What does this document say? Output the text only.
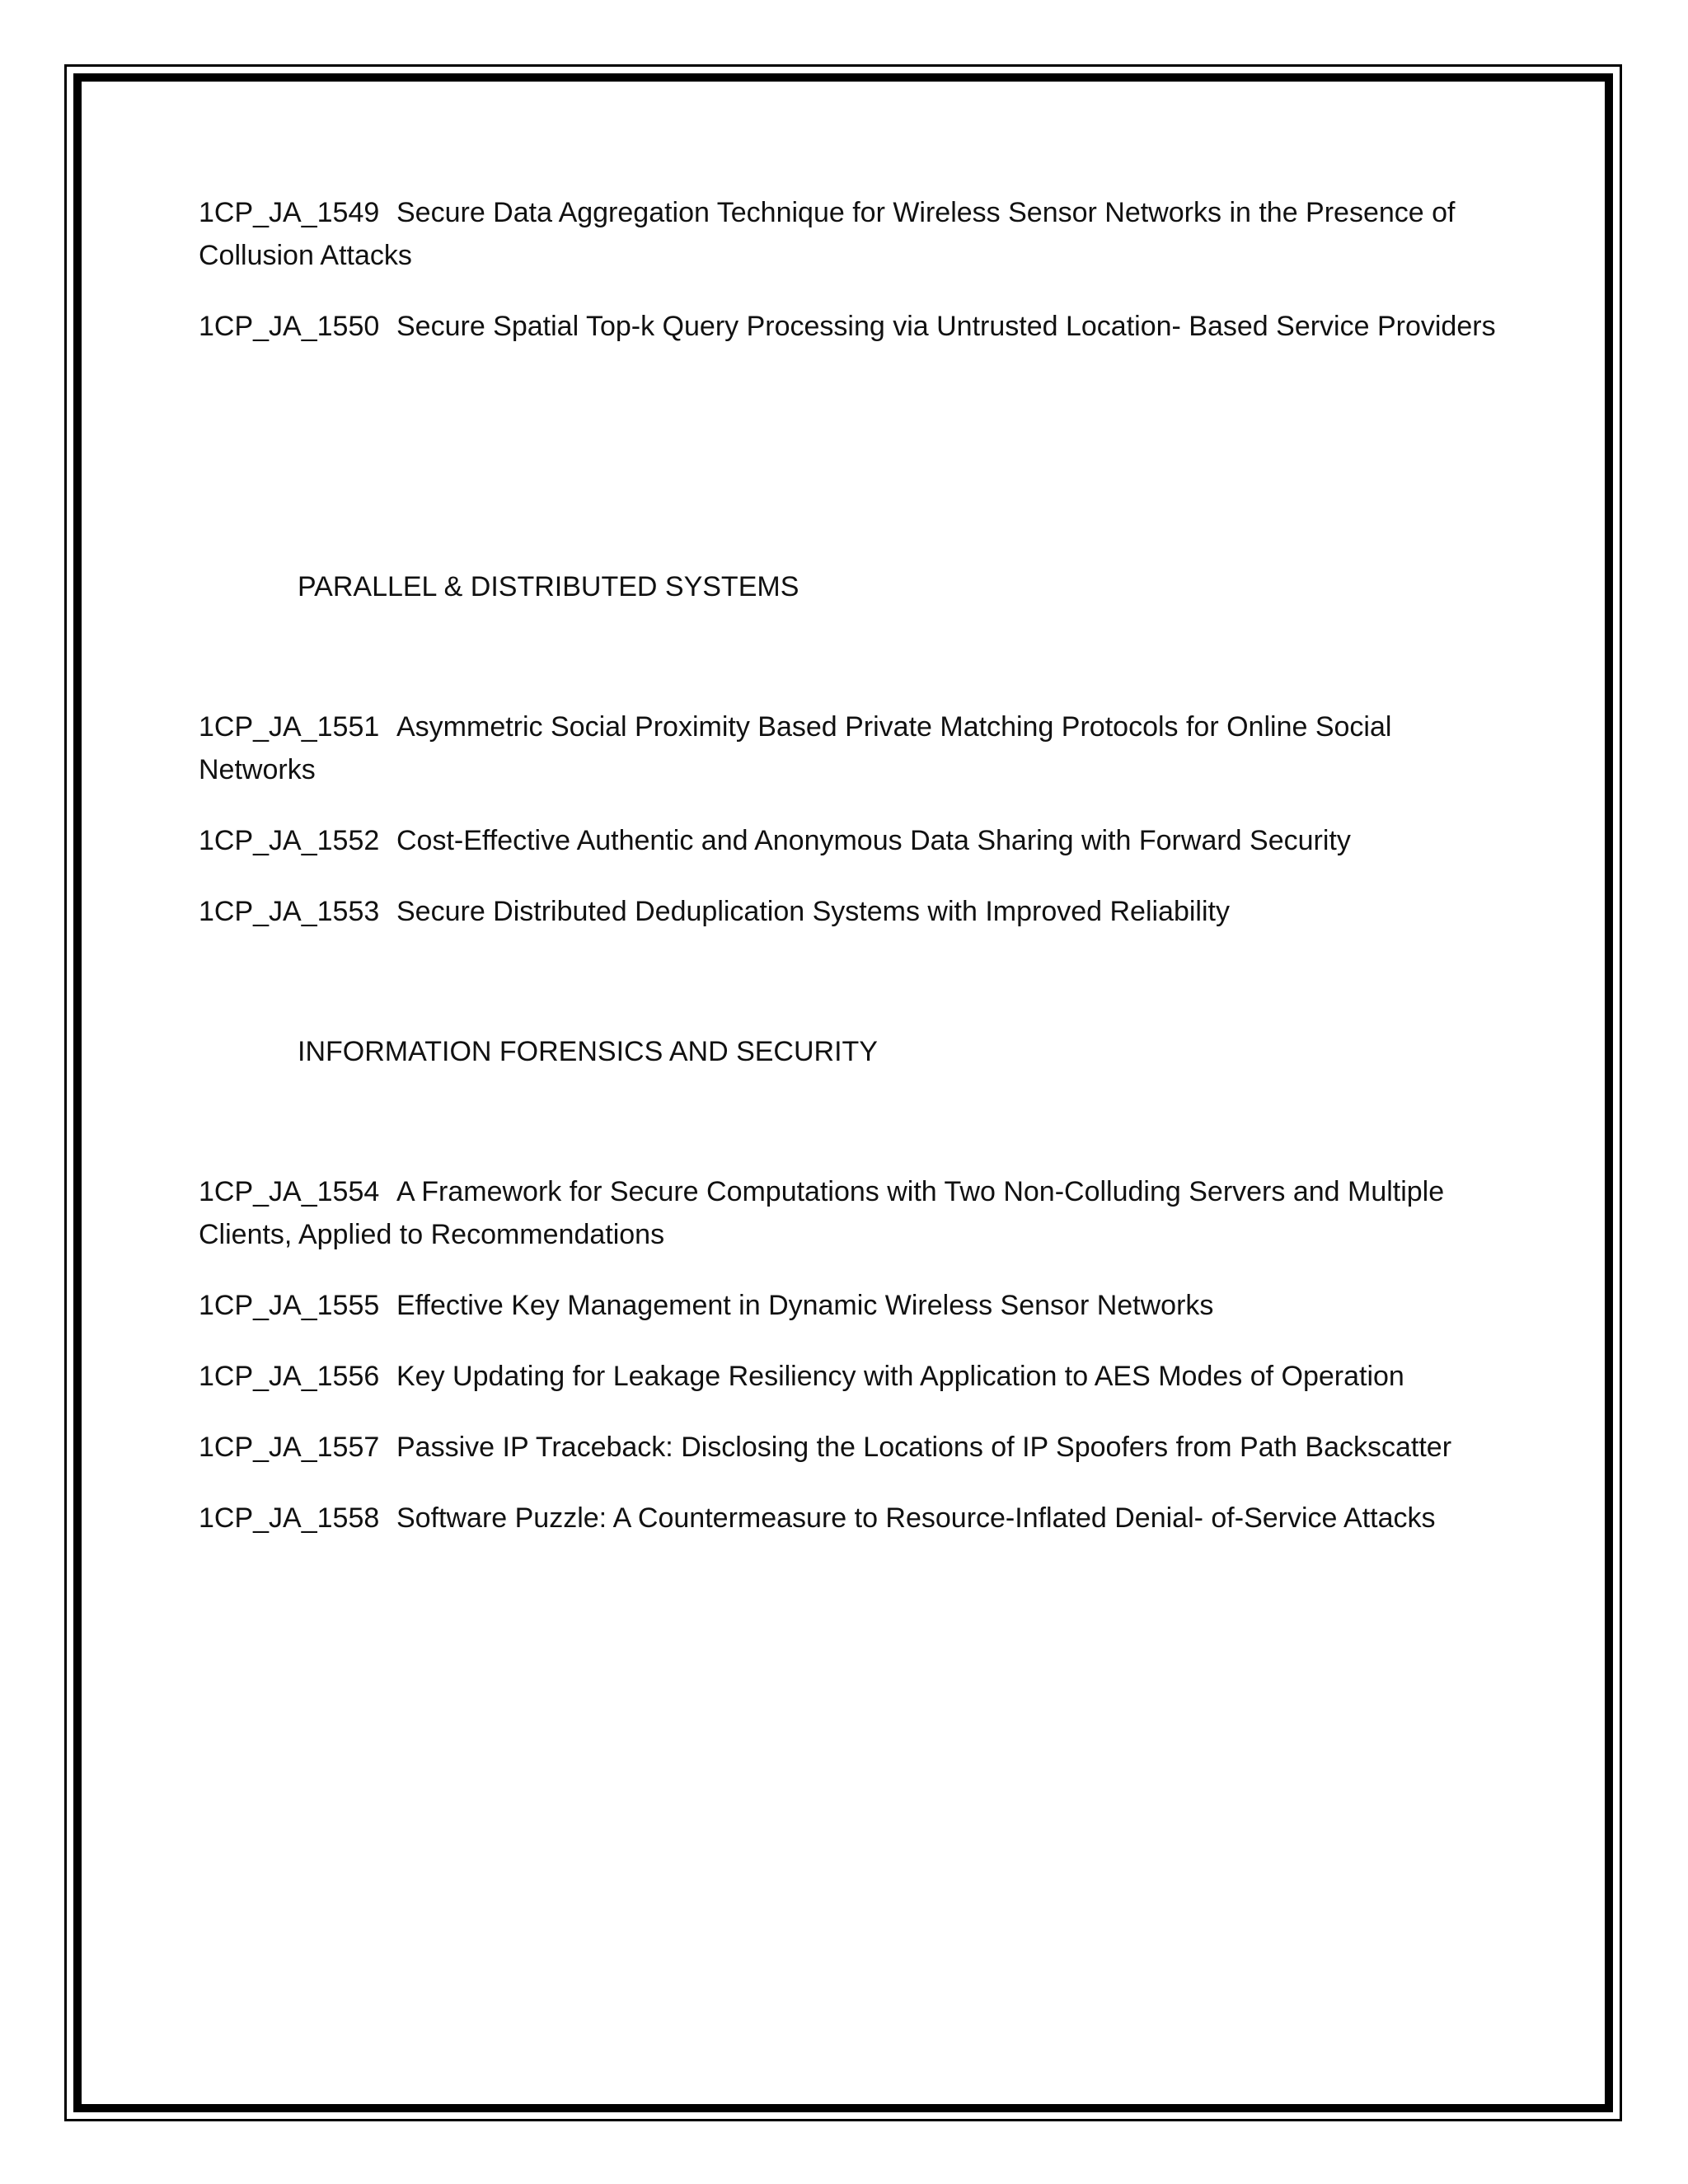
1CP_JA_1549 Secure Data Aggregation Technique for Wireless Sensor Networks in the Presence of Collusion Attacks

1CP_JA_1550 Secure Spatial Top-k Query Processing via Untrusted Location- Based Service Providers

PARALLEL & DISTRIBUTED SYSTEMS

1CP_JA_1551 Asymmetric Social Proximity Based Private Matching Protocols for Online Social Networks

1CP_JA_1552 Cost-Effective Authentic and Anonymous Data Sharing with Forward Security

1CP_JA_1553 Secure Distributed Deduplication Systems with Improved Reliability

INFORMATION FORENSICS AND SECURITY

1CP_JA_1554 A Framework for Secure Computations with Two Non-Colluding Servers and Multiple Clients, Applied to Recommendations

1CP_JA_1555 Effective Key Management in Dynamic Wireless Sensor Networks

1CP_JA_1556 Key Updating for Leakage Resiliency with Application to AES Modes of Operation

1CP_JA_1557 Passive IP Traceback: Disclosing the Locations of IP Spoofers from Path Backscatter

1CP_JA_1558 Software Puzzle: A Countermeasure to Resource-Inflated Denial- of-Service Attacks
